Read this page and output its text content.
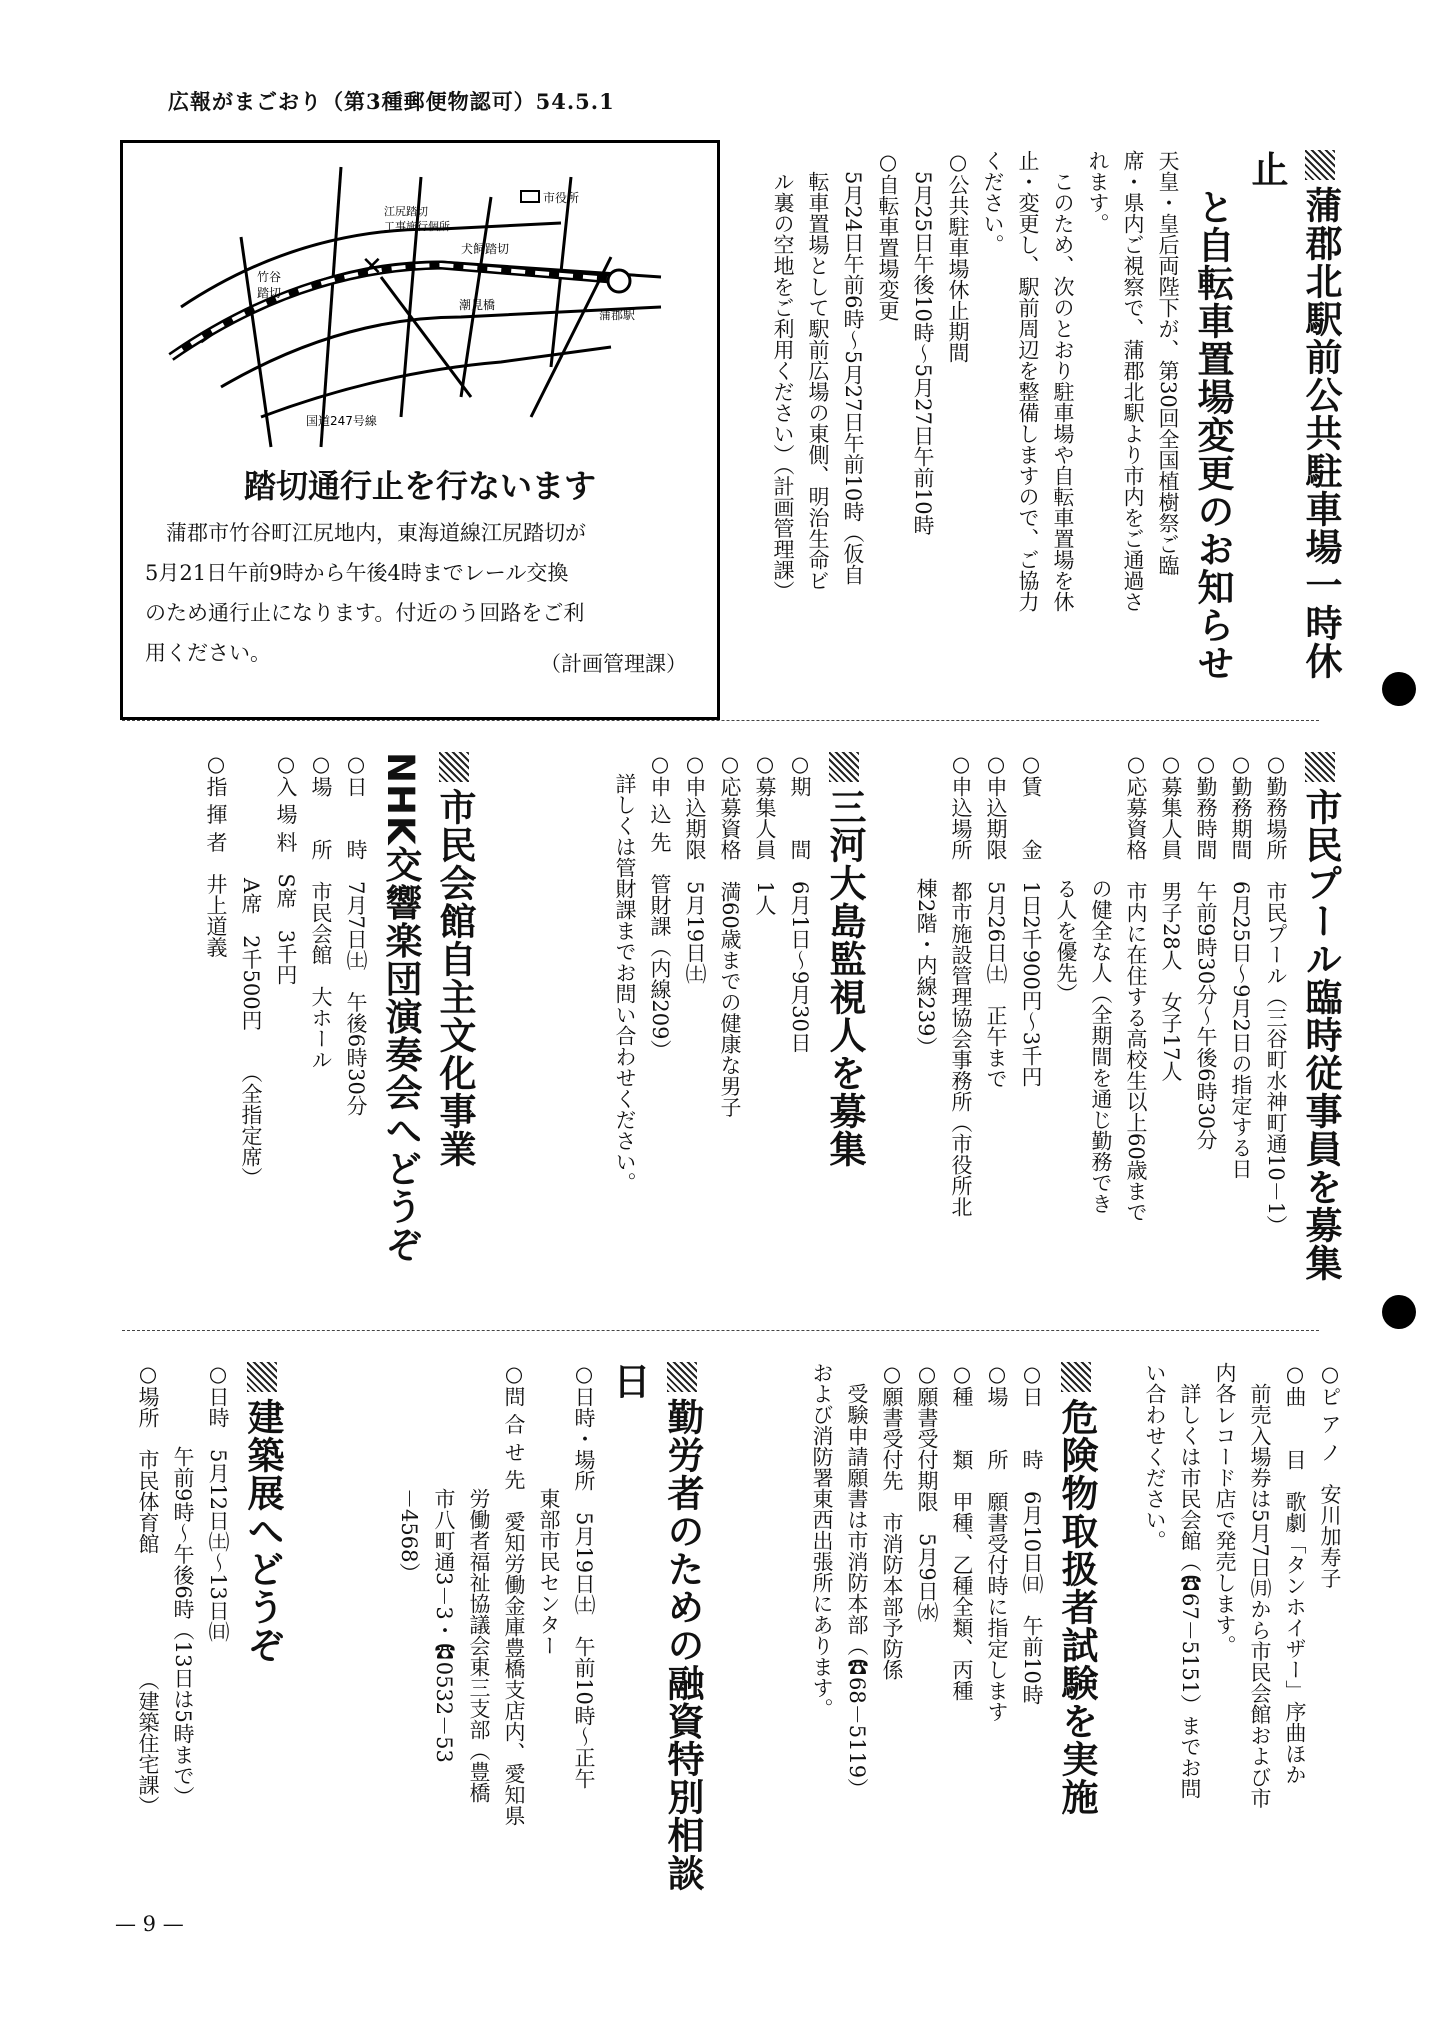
広報がまごおり（第3種郵便物認可）54.5.1
蒲郡北駅前公共駐車場一時休止
と自転車置場変更のお知らせ
天皇・皇后両陛下が、第30回全国植樹祭ご臨
席・県内ご視察で、蒲郡北駅より市内をご通過さ
れます。
　このため、次のとおり駐車場や自転車置場を休
止・変更し、駅前周辺を整備しますので、ご協力
ください。
○公共駐車場休止期間
　5月25日午後10時～5月27日午前10時
○自転車置場変更
　5月24日午前6時～5月27日午前10時（仮自
　転車置場として駅前広場の東側、明治生命ビ
　ル裏の空地をご利用ください）（計画管理課）
江尻踏切
工事施行個所
✕
市役所
犬飼踏切
竹谷
踏切
潮見橋
蒲郡駅
国道247号線
踏切通行止を行ないます
　蒲郡市竹谷町江尻地内，東海道線江尻踏切が
5月21日午前9時から午後4時までレール交換
のため通行止になります。付近のう回路をご利
用ください。	（計画管理課）
市民プール臨時従事員を募集
○勤務場所　市民プール（三谷町水神町通10－1）
○勤務期間　6月25日～9月2日の指定する日
○勤務時間　午前9時30分～午後6時30分
○募集人員　男子28人　女子17人
○応募資格　市内に在住する高校生以上60歳まで
　　　　　　の健全な人（全期間を通じ勤務でき
　　　　　　る人を優先）
○賃　　金　1日2千900円～3千円
○申込期限　5月26日㈯　正午まで
○申込場所　都市施設管理協会事務所（市役所北
　　　　　　棟2階・内線239）
三河大島監視人を募集
○期　　間　6月1日～9月30日
○募集人員　1人
○応募資格　満60歳までの健康な男子
○申込期限　5月19日㈯
○申 込 先　管財課（内線209）
　詳しくは管財課までお問い合わせください。
市民会館自主文化事業
NHK交響楽団演奏会へどうぞ
○日　　時　7月7日㈯　午後6時30分
○場　　所　市民会館　大ホール
○入 場 料　S席　3千円
　　　　　　A席　2千500円　　（全指定席）
○指 揮 者　井上道義
○ピ ア ノ　安川加寿子
○曲　　目　歌劇「タンホイザー」序曲ほか
　前売入場券は5月7日㈪から市民会館および市
内各レコード店で発売します。
　詳しくは市民会館（☎67－5151）までお問
い合わせください。
危険物取扱者試験を実施
○日　　時　6月10日㈰　午前10時
○場　　所　願書受付時に指定します
○種　　類　甲種、乙種全類、丙種
○願書受付期限　5月9日㈬
○願書受付先　市消防本部予防係
　受験申請願書は市消防本部（☎68－5119）
および消防署東西出張所にあります。
勤労者のための融資特別相談日
○日時・場所　5月19日㈯　午前10時～正午
　　　　　　東部市民センター
○問 合 せ 先　愛知労働金庫豊橋支店内、愛知県
　　　　　　労働者福祉協議会東三支部（豊橋
　　　　　　市八町通3－3・☎0532－53
　　　　　　－4568）
建築展へどうぞ
○日時　5月12日㈯～13日㈰
　　　　午前9時～午後6時（13日は5時まで）
○場所　市民体育館　　　　　　（建築住宅課）
— 9 —
